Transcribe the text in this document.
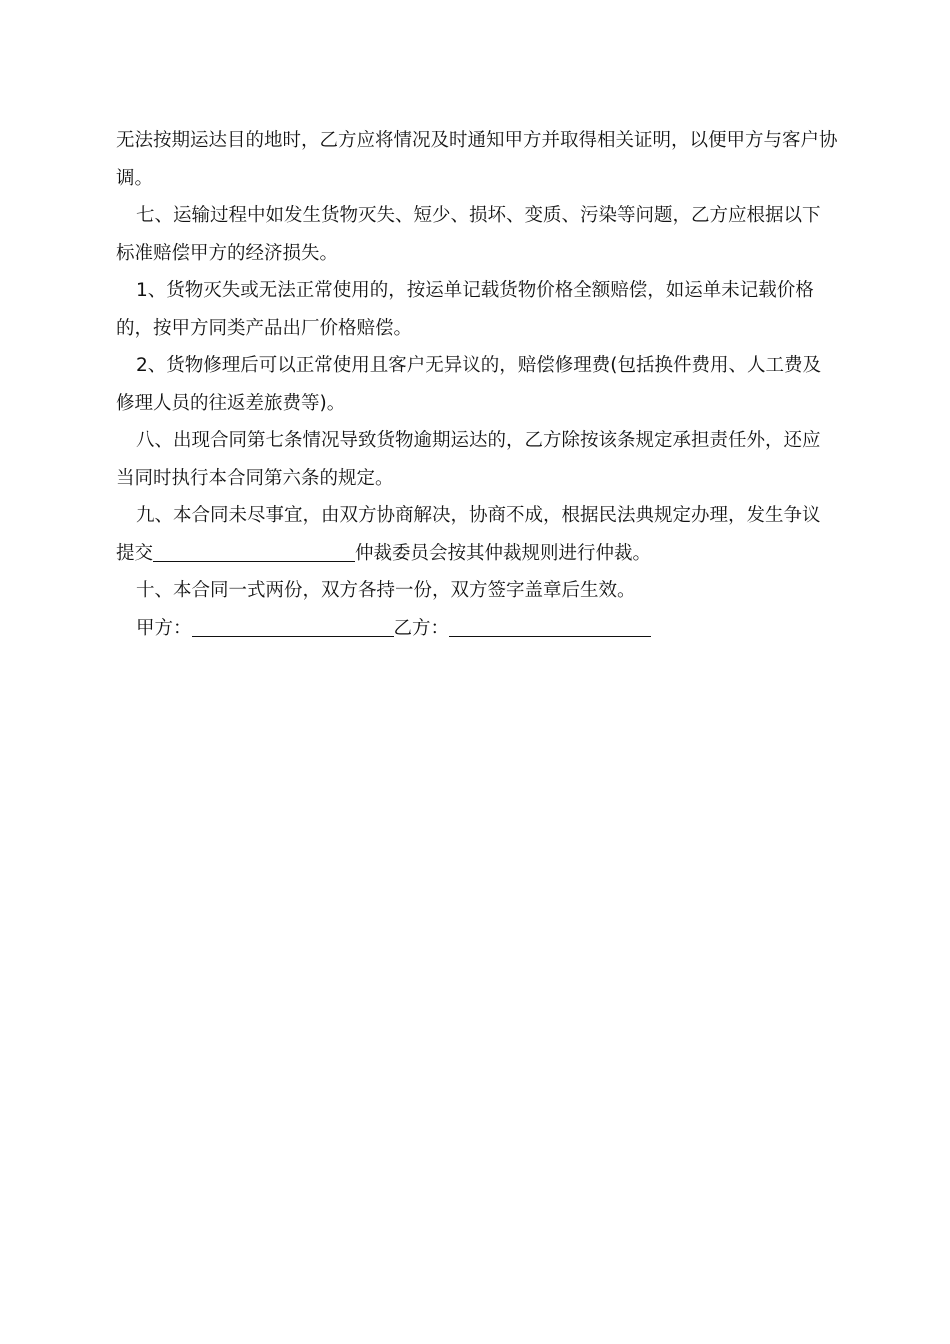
无法按期运达目的地时，乙方应将情况及时通知甲方并取得相关证明，以便甲方与客户协调。

七、运输过程中如发生货物灭失、短少、损坏、变质、污染等问题，乙方应根据以下标准赔偿甲方的经济损失。

1、货物灭失或无法正常使用的，按运单记载货物价格全额赔偿，如运单未记载价格的，按甲方同类产品出厂价格赔偿。

2、货物修理后可以正常使用且客户无异议的，赔偿修理费(包括换件费用、人工费及修理人员的往返差旅费等)。

八、出现合同第七条情况导致货物逾期运达的，乙方除按该条规定承担责任外，还应当同时执行本合同第六条的规定。

九、本合同未尽事宜，由双方协商解决，协商不成，根据民法典规定办理，发生争议提交	仲裁委员会按其仲裁规则进行仲裁。

十、本合同一式两份，双方各持一份，双方签字盖章后生效。

甲方：	乙方：
